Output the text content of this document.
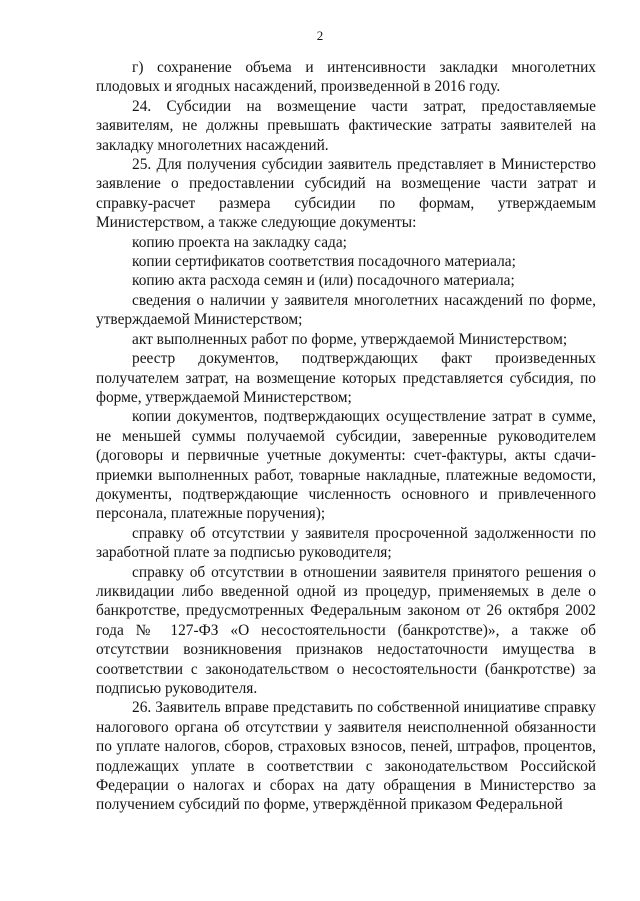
2

г) сохранение объема и интенсивности закладки многолетних плодовых и ягодных насаждений, произведенной в 2016 году.

24. Субсидии на возмещение части затрат, предоставляемые заявителям, не должны превышать фактические затраты заявителей на закладку многолетних насаждений.

25. Для получения субсидии заявитель представляет в Министерство заявление о предоставлении субсидий на возмещение части затрат и справку-расчет размера субсидии по формам, утверждаемым Министерством, а также следующие документы:

копию проекта на закладку сада;

копии сертификатов соответствия посадочного материала;

копию акта расхода семян и (или) посадочного материала;

сведения о наличии у заявителя многолетних насаждений по форме, утверждаемой Министерством;

акт выполненных работ по форме, утверждаемой Министерством;

реестр документов, подтверждающих факт произведенных получателем затрат, на возмещение которых представляется субсидия, по форме, утверждаемой Министерством;

копии документов, подтверждающих осуществление затрат в сумме, не меньшей суммы получаемой субсидии, заверенные руководителем (договоры и первичные учетные документы: счет-фактуры, акты сдачи-приемки выполненных работ, товарные накладные, платежные ведомости, документы, подтверждающие численность основного и привлеченного персонала, платежные поручения);

справку об отсутствии у заявителя просроченной задолженности по заработной плате за подписью руководителя;

справку об отсутствии в отношении заявителя принятого решения о ликвидации либо введенной одной из процедур, применяемых в деле о банкротстве, предусмотренных Федеральным законом от 26 октября 2002 года № 127-ФЗ «О несостоятельности (банкротстве)», а также об отсутствии возникновения признаков недостаточности имущества в соответствии с законодательством о несостоятельности (банкротстве) за подписью руководителя.

26. Заявитель вправе представить по собственной инициативе справку налогового органа об отсутствии у заявителя неисполненной обязанности по уплате налогов, сборов, страховых взносов, пеней, штрафов, процентов, подлежащих уплате в соответствии с законодательством Российской Федерации о налогах и сборах на дату обращения в Министерство за получением субсидий по форме, утверждённой приказом Федеральной
